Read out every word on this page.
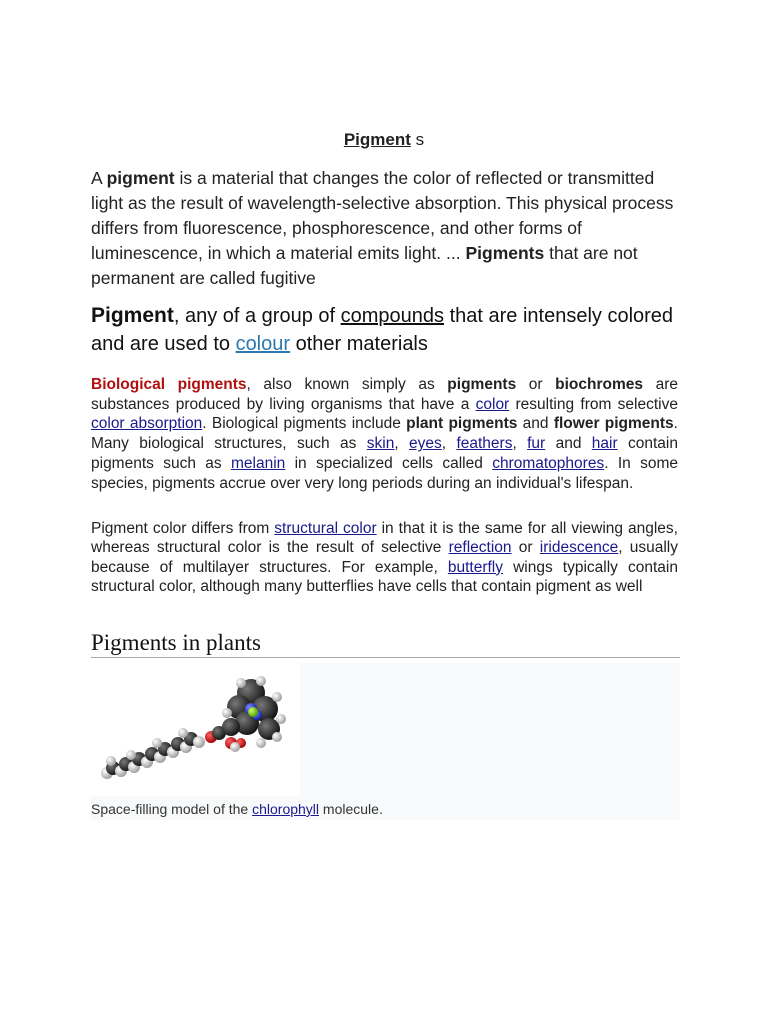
Pigment s
A pigment is a material that changes the color of reflected or transmitted light as the result of wavelength-selective absorption. This physical process differs from fluorescence, phosphorescence, and other forms of luminescence, in which a material emits light. ... Pigments that are not permanent are called fugitive
Pigment, any of a group of compounds that are intensely colored and are used to colour other materials
Biological pigments, also known simply as pigments or biochromes are substances produced by living organisms that have a color resulting from selective color absorption. Biological pigments include plant pigments and flower pigments. Many biological structures, such as skin, eyes, feathers, fur and hair contain pigments such as melanin in specialized cells called chromatophores. In some species, pigments accrue over very long periods during an individual's lifespan.
Pigment color differs from structural color in that it is the same for all viewing angles, whereas structural color is the result of selective reflection or iridescence, usually because of multilayer structures. For example, butterfly wings typically contain structural color, although many butterflies have cells that contain pigment as well
Pigments in plants
Space-filling model of the chlorophyll molecule.
